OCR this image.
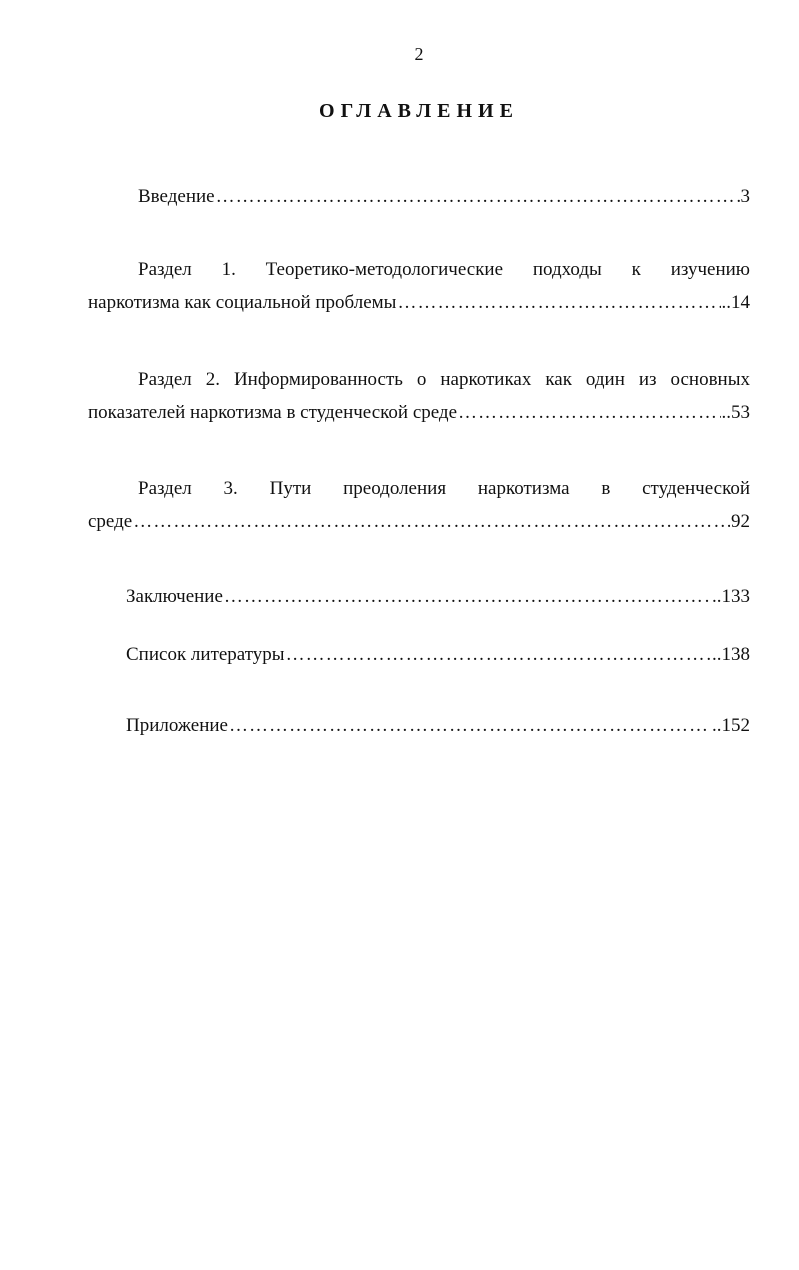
2
ОГЛАВЛЕНИЕ
Введение ……………………………………………………………………………………………………………………………………	3
Раздел 1. Теоретико-методологические подходы к изучению
наркотизма как социальной проблемы ……………………………………………………………………………………………………………………………………	..14
Раздел 2. Информированность о наркотиках как один из основных
показателей наркотизма в студенческой среде ……………………………………………………………………………………………………………………………………	..53
Раздел 3. Пути преодоления наркотизма в студенческой
среде ……………………………………………………………………………………………………………………………………	92
Заключение ……………………………………………………………………………………………………………………………………	..133
Список литературы ……………………………………………………………………………………………………………………………………	..138
Приложение ……………………………………………………………………………………………………………………………………	..152
